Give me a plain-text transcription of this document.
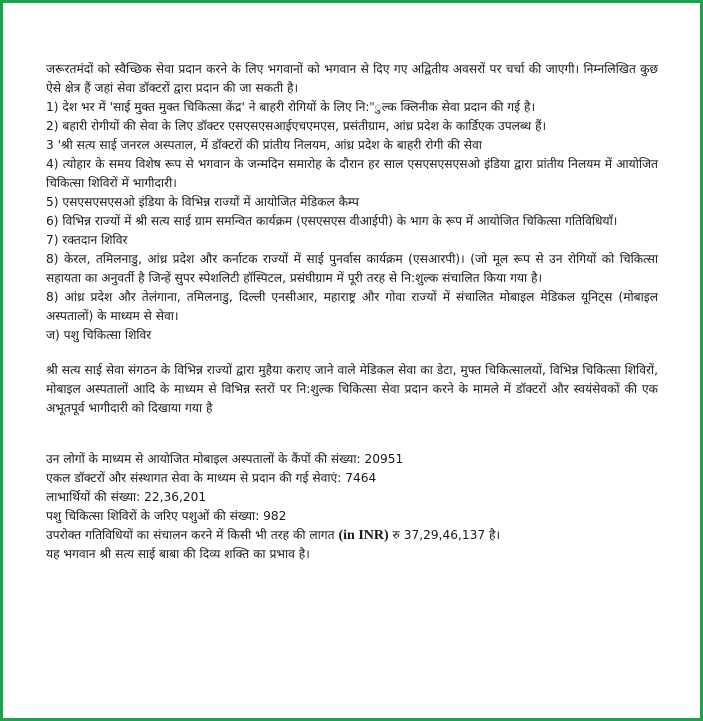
जरूरतमंदों को स्वैच्छिक सेवा प्रदान करने के लिए भगवानों को भगवान से दिए गए अद्वितीय अवसरों पर चर्चा की जाएगी। निम्नलिखित कुछ ऐसे क्षेत्र हैं जहां सेवा डॉक्टरों द्वारा प्रदान की जा सकती है।

1) देश भर में 'साई मुक्त मुक्त चिकित्सा केंद्र' ने बाहरी रोगियों के लिए नि:"ुल्क क्लिनीक सेवा प्रदान की गई है।

2) बहारी रोगीयों की सेवा के लिए डॉक्टर एसएसएसआईएचएमएस, प्रसंतीग्राम, आंध्र प्रदेश के कार्डिएक उपलब्ध हैं।

3 'श्री सत्य साई जनरल अस्पताल, में डॉक्टरों की प्रांतीय निलयम, आंध्र प्रदेश के बाहरी रोगी की सेवा

4) त्योहार के समय विशेष रूप से भगवान के जन्मदिन समारोह के दौरान हर साल एसएसएसएसओ इंडिया द्वारा प्रांतीय निलयम में आयोजित चिकित्सा शिविरों में भागीदारी।

5) एसएसएसएसओ इंडिया के विभिन्न राज्यों में आयोजित मेडिकल कैम्प

6) विभिन्न राज्यों में श्री सत्य साई ग्राम समन्वित कार्यक्रम (एसएसएस वीआईपी) के भाग के रूप में आयोजित चिकित्सा गतिविधियाँ।

7) रक्तदान शिविर

8) केरल, तमिलनाडु, आंध्र प्रदेश और कर्नाटक राज्यों में साई पुनर्वास कार्यक्रम (एसआरपी)। (जो मूल रूप से उन रोगियों को चिकित्सा सहायता का अनुवर्ती है जिन्हें सुपर स्पेशलिटी हॉस्पिटल, प्रसंघीग्राम में पूरी तरह से नि:शुल्क संचालित किया गया है।

8) आंध्र प्रदेश और तेलंगाना, तमिलनाडु, दिल्ली एनसीआर, महाराष्ट्र और गोवा राज्यों में संचालित मोबाइल मेडिकल यूनिट्स (मोबाइल अस्पतालों) के माध्यम से सेवा।

ज) पशु चिकित्सा शिविर

श्री सत्य साई सेवा संगठन के विभिन्न राज्यों द्वारा मुहैया कराए जाने वाले मेडिकल सेवा का डेटा, मुफ्त चिकित्सालयों, विभिन्न चिकित्सा शिविरों, मोबाइल अस्पतालों आदि के माध्यम से विभिन्न स्तरों पर नि:शुल्क चिकित्सा सेवा प्रदान करने के मामले में डॉक्टरों और स्वयंसेवकों की एक अभूतपूर्व भागीदारी को दिखाया गया है

उन लोगों के माध्यम से आयोजित मोबाइल अस्पतालों के कैंपों की संख्या: 20951

एकल डॉक्टरों और संस्थागत सेवा के माध्यम से प्रदान की गई सेवाएं: 7464

लाभार्थियों की संख्या: 22,36,201

पशु चिकित्सा शिविरों के जरिए पशुओं की संख्या: 982

उपरोक्त गतिविधियों का संचालन करने में किसी भी तरह की लागत (in INR) रु 37,29,46,137 है।

यह भगवान श्री सत्य साई बाबा की दिव्य शक्ति का प्रभाव है।
